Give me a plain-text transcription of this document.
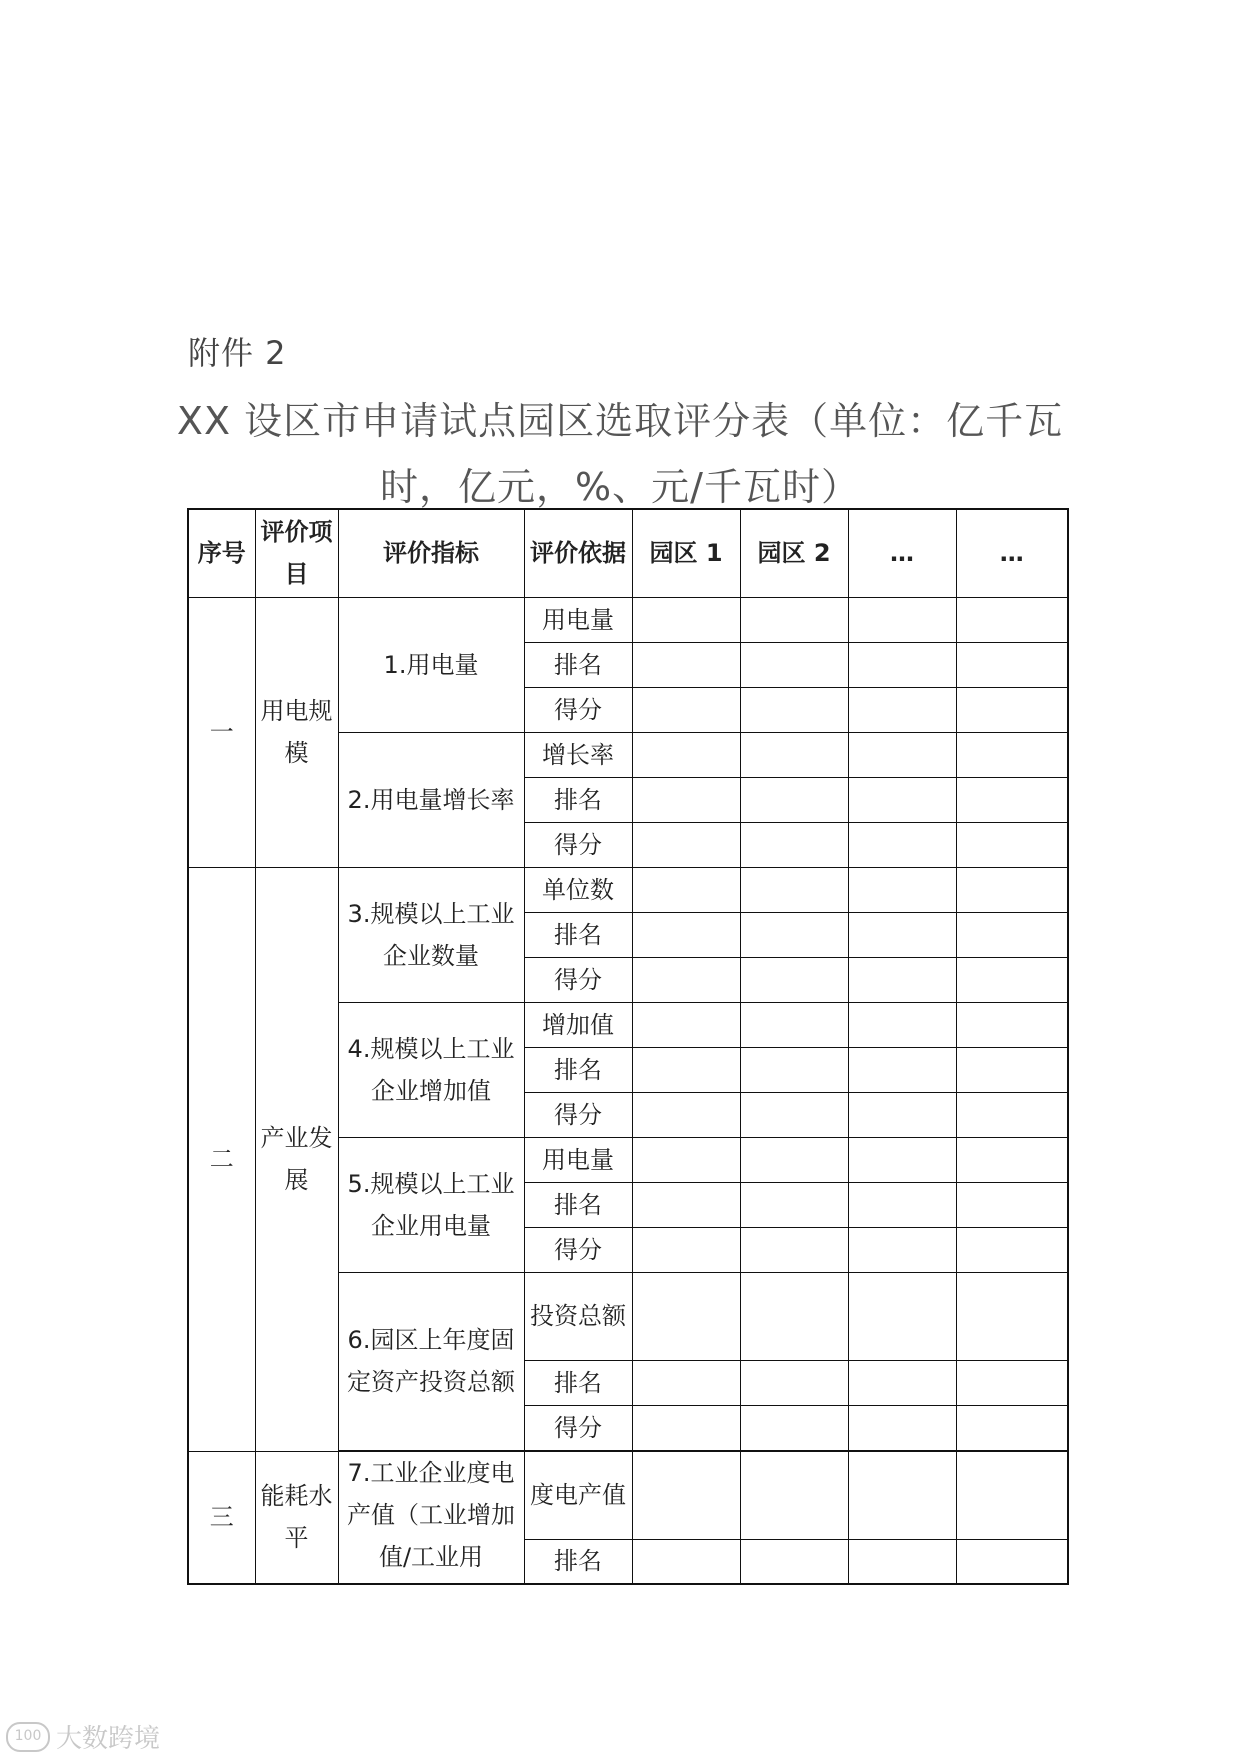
附件 2
XX 设区市申请试点园区选取评分表（单位：亿千瓦
时，亿元，%、元/千瓦时）
序号	评价项目	评价指标	评价依据	园区 1	园区 2	…	…
一	用电规模	1.用电量	用电量				
			排名				
			得分				
		2.用电量增长率	增长率				
			排名				
			得分				
二	产业发展	3.规模以上工业企业数量	单位数				
			排名				
			得分				
		4.规模以上工业企业增加值	增加值				
			排名				
			得分				
		5.规模以上工业企业用电量	用电量				
			排名				
			得分				
		6.园区上年度固定资产投资总额	投资总额				
			排名				
			得分				

三	能耗水平	7.工业企业度电产值（工业增加值/工业用	度电产值				
			排名				
100 大数跨境
